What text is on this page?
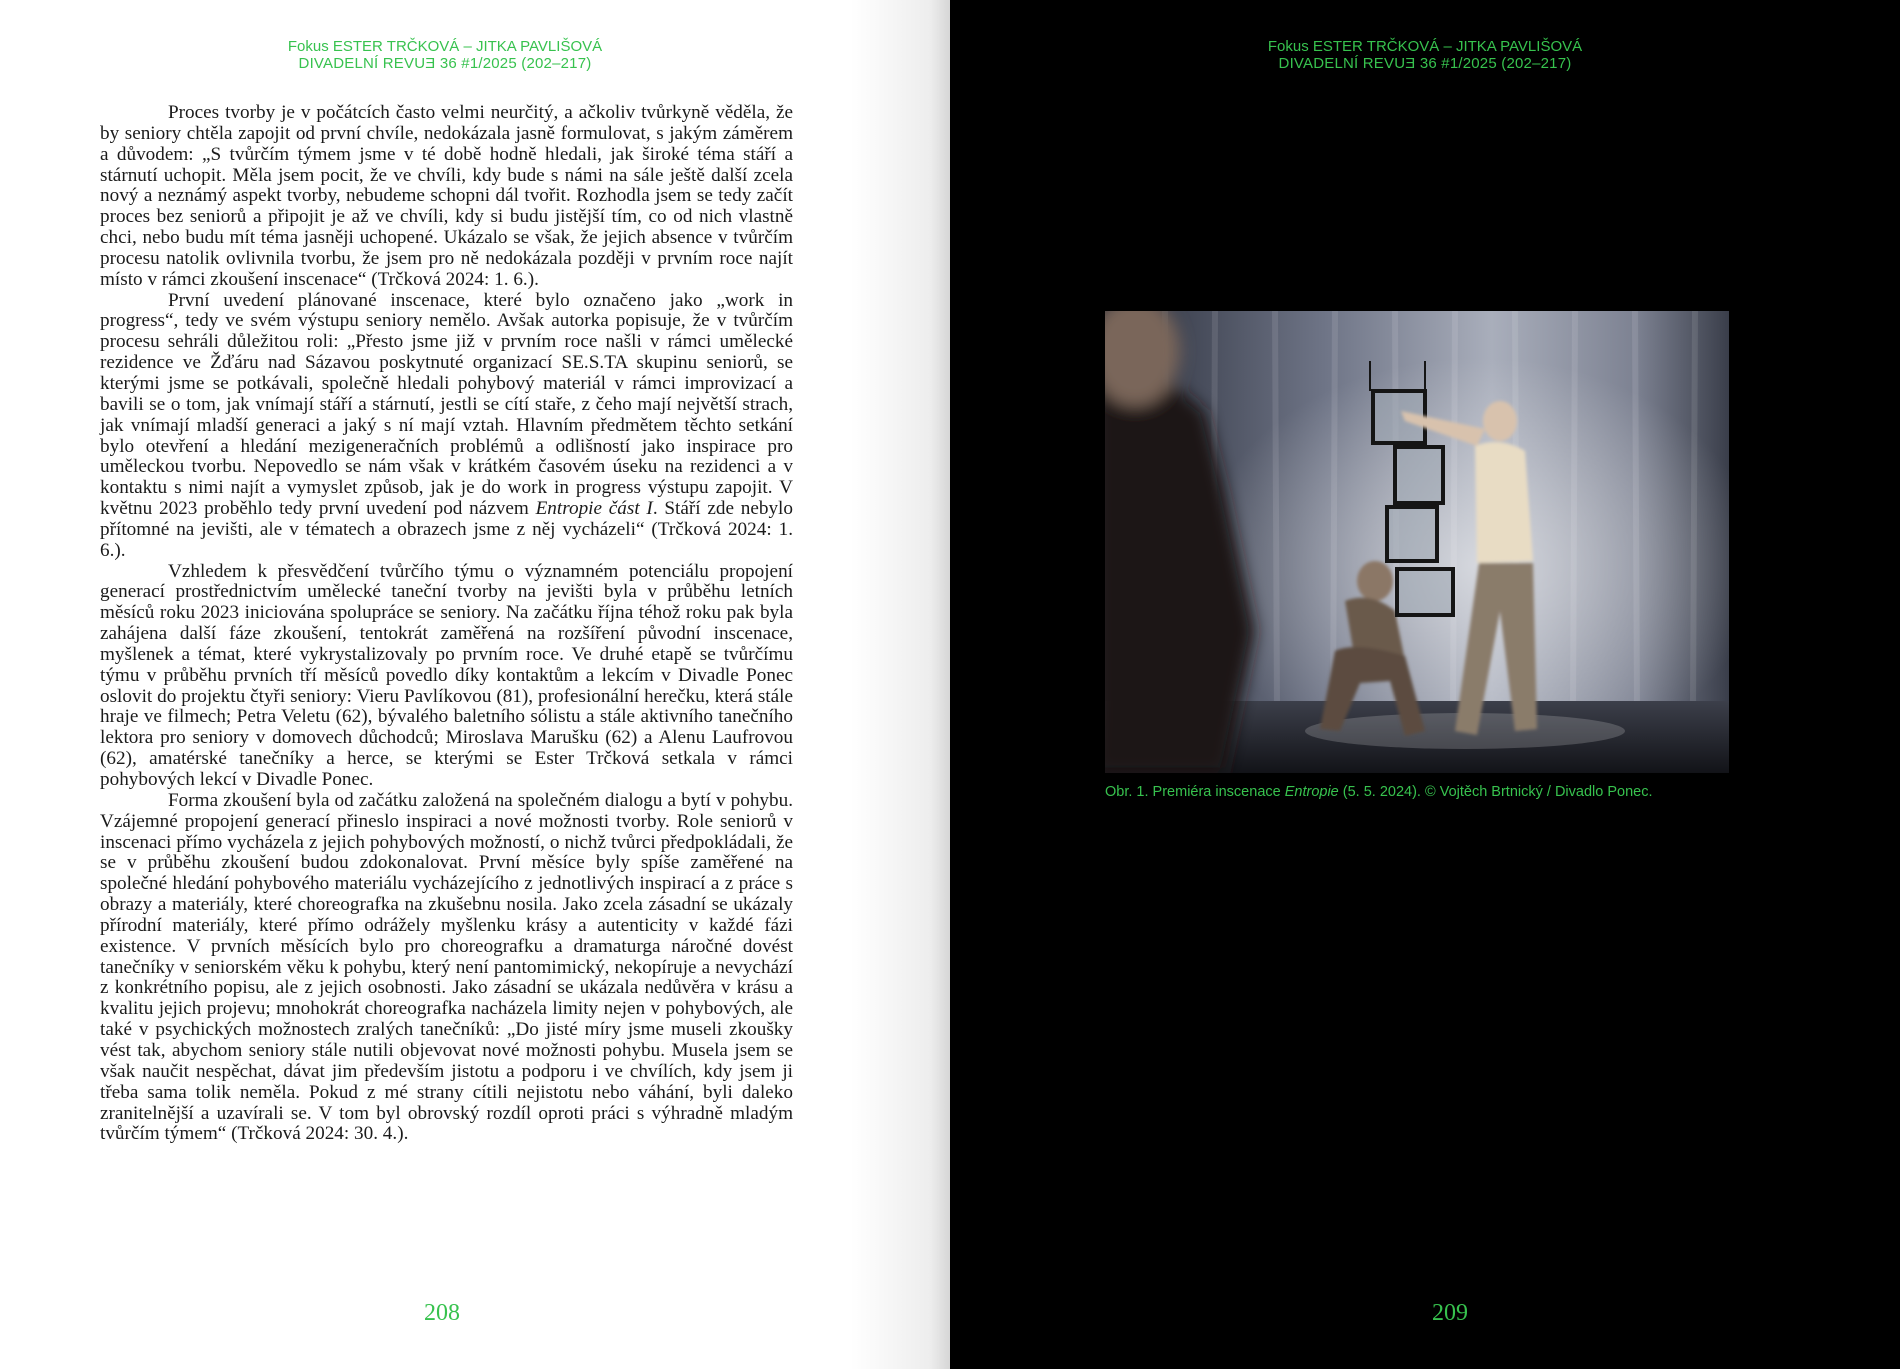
Fokus ESTER TRČKOVÁ – JITKA PAVLIŠOVÁ
DIVADELNÍ REVUƎ 36 #1/2025 (202–217)

Proces tvorby je v počátcích často velmi neurčitý, a ačkoliv tvůrkyně věděla, že by seniory chtěla zapojit od první chvíle, nedokázala jasně formulovat, s jakým záměrem a důvodem: „S tvůrčím týmem jsme v té době hodně hledali, jak široké téma stáří a stárnutí uchopit. Měla jsem pocit, že ve chvíli, kdy bude s námi na sále ještě další zcela nový a neznámý aspekt tvorby, nebudeme schopni dál tvořit. Rozhodla jsem se tedy začít proces bez seniorů a připojit je až ve chvíli, kdy si budu jistější tím, co od nich vlastně chci, nebo budu mít téma jasněji uchopené. Ukázalo se však, že jejich absence v tvůrčím procesu natolik ovlivnila tvorbu, že jsem pro ně nedokázala později v prvním roce najít místo v rámci zkoušení inscenace“ (Trčková 2024: 1. 6.).

První uvedení plánované inscenace, které bylo označeno jako „work in progress“, tedy ve svém výstupu seniory nemělo. Avšak autorka popisuje, že v tvůrčím procesu sehráli důležitou roli: „Přesto jsme již v prvním roce našli v rámci umělecké rezidence ve Žďáru nad Sázavou poskytnuté organizací SE.S.TA skupinu seniorů, se kterými jsme se potkávali, společně hledali pohybový materiál v rámci improvizací a bavili se o tom, jak vnímají stáří a stárnutí, jestli se cítí staře, z čeho mají největší strach, jak vnímají mladší generaci a jaký s ní mají vztah. Hlavním předmětem těchto setkání bylo otevření a hledání mezigeneračních problémů a odlišností jako inspirace pro uměleckou tvorbu. Nepovedlo se nám však v krátkém časovém úseku na rezidenci a v kontaktu s nimi najít a vymyslet způsob, jak je do work in progress výstupu zapojit. V květnu 2023 proběhlo tedy první uvedení pod názvem Entropie část I. Stáří zde nebylo přítomné na jevišti, ale v tématech a obrazech jsme z něj vycházeli“ (Trčková 2024: 1. 6.).

Vzhledem k přesvědčení tvůrčího týmu o významném potenciálu propojení generací prostřednictvím umělecké taneční tvorby na jevišti byla v průběhu letních měsíců roku 2023 iniciována spolupráce se seniory. Na začátku října téhož roku pak byla zahájena další fáze zkoušení, tentokrát zaměřená na rozšíření původní inscenace, myšlenek a témat, které vykrystalizovaly po prvním roce. Ve druhé etapě se tvůrčímu týmu v průběhu prvních tří měsíců povedlo díky kontaktům a lekcím v Divadle Ponec oslovit do projektu čtyři seniory: Vieru Pavlíkovou (81), profesionální herečku, která stále hraje ve filmech; Petra Veletu (62), bývalého baletního sólistu a stále aktivního tanečního lektora pro seniory v domovech důchodců; Miroslava Marušku (62) a Alenu Laufrovou (62), amatérské tanečníky a herce, se kterými se Ester Trčková setkala v rámci pohybových lekcí v Divadle Ponec.

Forma zkoušení byla od začátku založená na společném dialogu a bytí v pohybu. Vzájemné propojení generací přineslo inspiraci a nové možnosti tvorby. Role seniorů v inscenaci přímo vycházela z jejich pohybových možností, o nichž tvůrci předpokládali, že se v průběhu zkoušení budou zdokonalovat. První měsíce byly spíše zaměřené na společné hledání pohybového materiálu vycházejícího z jednotlivých inspirací a z práce s obrazy a materiály, které choreografka na zkušebnu nosila. Jako zcela zásadní se ukázaly přírodní materiály, které přímo odrážely myšlenku krásy a autenticity v každé fázi existence. V prvních měsících bylo pro choreografku a dramaturga náročné dovést tanečníky v seniorském věku k pohybu, který není pantomimický, nekopíruje a nevychází z konkrétního popisu, ale z jejich osobnosti. Jako zásadní se ukázala nedůvěra v krásu a kvalitu jejich projevu; mnohokrát choreografka nacházela limity nejen v pohybových, ale také v psychických možnostech zralých tanečníků: „Do jisté míry jsme museli zkoušky vést tak, abychom seniory stále nutili objevovat nové možnosti pohybu. Musela jsem se však naučit nespěchat, dávat jim především jistotu a podporu i ve chvílích, kdy jsem ji třeba sama tolik neměla. Pokud z mé strany cítili nejistotu nebo váhání, byli daleko zranitelnější a uzavírali se. V tom byl obrovský rozdíl oproti práci s výhradně mladým tvůrčím týmem“ (Trčková 2024: 30. 4.).

208
Fokus ESTER TRČKOVÁ – JITKA PAVLIŠOVÁ
DIVADELNÍ REVUƎ 36 #1/2025 (202–217)
Obr. 1. Premiéra inscenace Entropie (5. 5. 2024). © Vojtěch Brtnický / Divadlo Ponec.
209
